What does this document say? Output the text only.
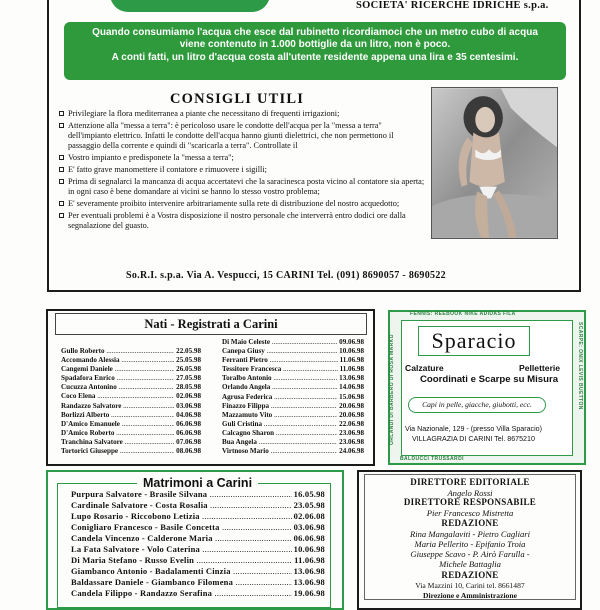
SOCIETA' RICERCHE IDRICHE s.p.a.
Quando consumiamo l'acqua che esce dal rubinetto ricordiamoci che un metro cubo di acqua
viene contenuto in 1.000 bottiglie da un litro, non è poco.
A conti fatti, un litro d'acqua costa all'utente residente appena una lira e 35 centesimi.
CONSIGLI UTILI
Privilegiare la flora mediterranea a piante che necessitano di frequenti irrigazioni;
Attenzione alla "messa a terra": è pericoloso usare le condotte dell'acqua per la "messa a terra" dell'impianto elettrico. Infatti le condotte dell'acqua hanno giunti dielettrici, che non permettono il passaggio della corrente e quindi di "scaricarla a terra". Controllate il
Vostro impianto e predisponete la "messa a terra";
E' fatto grave manomettere il contatore e rimuovere i sigilli;
Prima di segnalarci la mancanza di acqua accertatevi che la saracinesca posta vicino al contatore sia aperta; in ogni caso è bene domandare ai vicini se hanno lo stesso vostro problema;
E' severamente proibito intervenire arbitrariamente sulla rete di distribuzione del nostro acquedotto;
Per eventuali problemi è a Vostra disposizione il nostro personale che interverrà entro dodici ore dalla segnalazione del guasto.
So.R.I. s.p.a. Via A. Vespucci, 15 CARINI Tel. (091) 8690057 - 8690522
Nati - Registrati a Carini
Gullo Roberto .....	22.05.98
Accomando Alessia .....	25.05.98
Cangemi Daniele .....	26.05.98
Spadafora Enrico .....	27.05.98
Cucuzza Antonino .....	28.05.98
Coco Elena .....	02.06.98
Randazzo Salvatore .....	03.06.98
Borlizzi Alberto .....	04.06.98
D'Amico Emanuele .....	06.06.98
D'Amico Roberto .....	06.06.98
Tranchina Salvatore .....	07.06.98
Tortorici Giuseppe .....	08.06.98
Di Maio Celeste .....	09.06.98
Canepa Giusy .....	10.06.98
Ferranti Pietro .....	11.06.98
Tessitore Francesca .....	11.06.98
Toralbo Antonio .....	13.06.98
Orlando Angela .....	14.06.98
Agrusa Federica .....	15.06.98
Finazzo Filippa .....	20.06.98
Mazzamuto Vito .....	20.06.98
Guli Cristina .....	22.06.98
Calcagno Sharon .....	23.06.98
Bua Angela .....	23.06.98
Virtnoso Mario .....	24.06.98
FENNIS: REEBOOK NIKE ADIDAS FILA
BALDUCCI TRUSSARDI
ORLANDI DI BARBERO DI ROSA MARKO	SCARPE: ONIX LEVIS BUETTON
Sparacio
Calzature	Pelletterie
Coordinati e Scarpe su Misura
Capi in pelle, giacche, giubotti, ecc.
Via Nazionale, 129 - (presso Villa Sparacio)
VILLAGRAZIA DI CARINI Tel. 8675210
Matrimoni a Carini
Purpura Salvatore - Brasile Silvana .....	16.05.98
Cardinale Salvatore - Costa Rosalia .....	23.05.98
Lupo Rosario - Riccobono Letizia .....	02.06.08
Conigliaro Francesco - Basile Concetta .....	03.06.98
Candela Vincenzo - Calderone Maria .....	06.06.98
La Fata Salvatore - Volo Caterina .....	10.06.98
Di Maria Stefano - Russo Evelin .....	11.06.98
Giambanco Antonio - Badalamenti Cinzia .....	13.06.98
Baldassare Daniele - Giambanco Filomena .....	13.06.98
Candela Filippo - Randazzo Serafina .....	19.06.98
DIRETTORE EDITORIALE
Angelo Rossi
DIRETTORE RESPONSABILE
Pier Francesco Mistretta
REDAZIONE
Rina Mangalaviti - Pietro Cagliari
Maria Pellerito - Epifanio Troia
Giuseppe Scavo - P. Airò Farulla -
Michele Battaglia
REDAZIONE
Via Mazzini 10, Carini tel. 8661487
Direzione e Amministrazione
